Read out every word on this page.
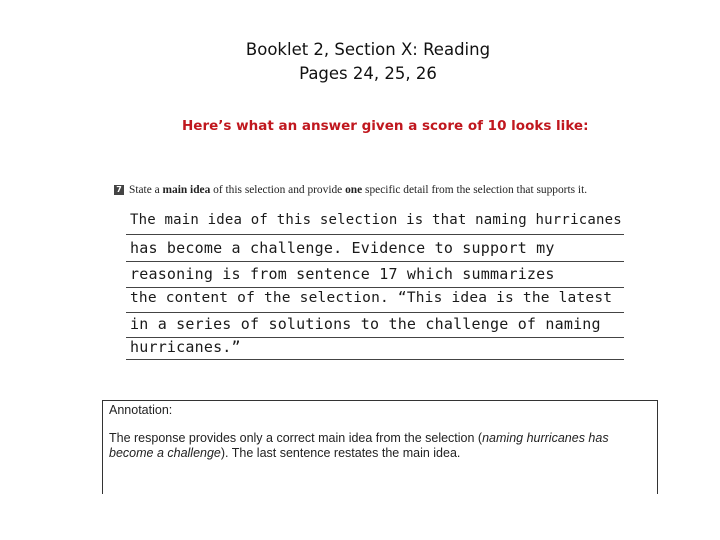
Booklet 2, Section X: Reading
Pages 24, 25, 26
Here’s what an answer given a score of 10 looks like:
7 State a main idea of this selection and provide one specific detail from the selection that supports it.
The main idea of this selection is that naming hurricanes
has become a challenge. Evidence to support my
reasoning is from sentence 17 which summarizes
the content of the selection. “This idea is the latest
in a series of solutions to the challenge of naming
hurricanes.”
Annotation:
The response provides only a correct main idea from the selection (naming hurricanes has become a challenge). The last sentence restates the main idea.
